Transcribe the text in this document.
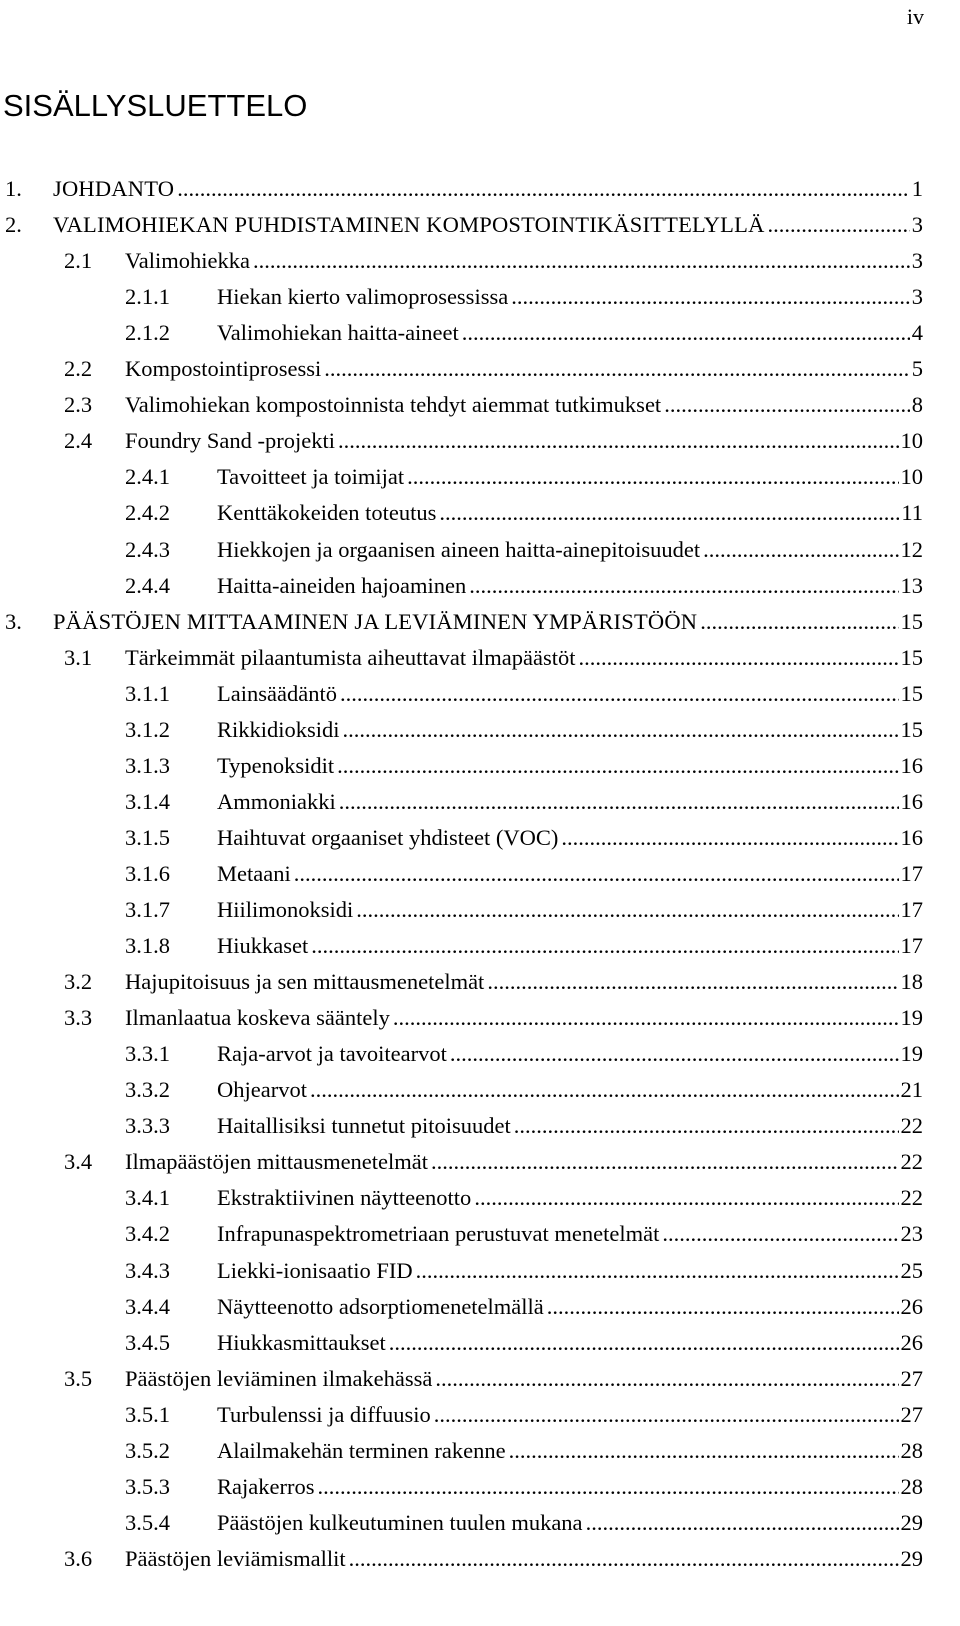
iv
SISÄLLYSLUETTELO
1. JOHDANTO .....	1
2. VALIMOHIEKAN PUHDISTAMINEN KOMPOSTOINTIKÄSITTELYLLÄ .....	3
2.1 Valimohiekka .....	3
2.1.1 Hiekan kierto valimoprosessissa .....	3
2.1.2 Valimohiekan haitta-aineet .....	4
2.2 Kompostointiprosessi .....	5
2.3 Valimohiekan kompostoinnista tehdyt aiemmat tutkimukset .....	8
2.4 Foundry Sand -projekti .....	10
2.4.1 Tavoitteet ja toimijat .....	10
2.4.2 Kenttäkokeiden toteutus .....	11
2.4.3 Hiekkojen ja orgaanisen aineen haitta-ainepitoisuudet .....	12
2.4.4 Haitta-aineiden hajoaminen .....	13
3. PÄÄSTÖJEN MITTAAMINEN JA LEVIÄMINEN YMPÄRISTÖÖN .....	15
3.1 Tärkeimmät pilaantumista aiheuttavat ilmapäästöt .....	15
3.1.1 Lainsäädäntö .....	15
3.1.2 Rikkidioksidi .....	15
3.1.3 Typenoksidit .....	16
3.1.4 Ammoniakki .....	16
3.1.5 Haihtuvat orgaaniset yhdisteet (VOC) .....	16
3.1.6 Metaani .....	17
3.1.7 Hiilimonoksidi .....	17
3.1.8 Hiukkaset .....	17
3.2 Hajupitoisuus ja sen mittausmenetelmät .....	18
3.3 Ilmanlaatua koskeva sääntely .....	19
3.3.1 Raja-arvot ja tavoitearvot .....	19
3.3.2 Ohjearvot .....	21
3.3.3 Haitallisiksi tunnetut pitoisuudet .....	22
3.4 Ilmapäästöjen mittausmenetelmät .....	22
3.4.1 Ekstraktiivinen näytteenotto .....	22
3.4.2 Infrapunaspektrometriaan perustuvat menetelmät .....	23
3.4.3 Liekki-ionisaatio FID .....	25
3.4.4 Näytteenotto adsorptiomenetelmällä .....	26
3.4.5 Hiukkasmittaukset .....	26
3.5 Päästöjen leviäminen ilmakehässä .....	27
3.5.1 Turbulenssi ja diffuusio .....	27
3.5.2 Alailmakehän terminen rakenne .....	28
3.5.3 Rajakerros .....	28
3.5.4 Päästöjen kulkeutuminen tuulen mukana .....	29
3.6 Päästöjen leviämismallit .....	29
